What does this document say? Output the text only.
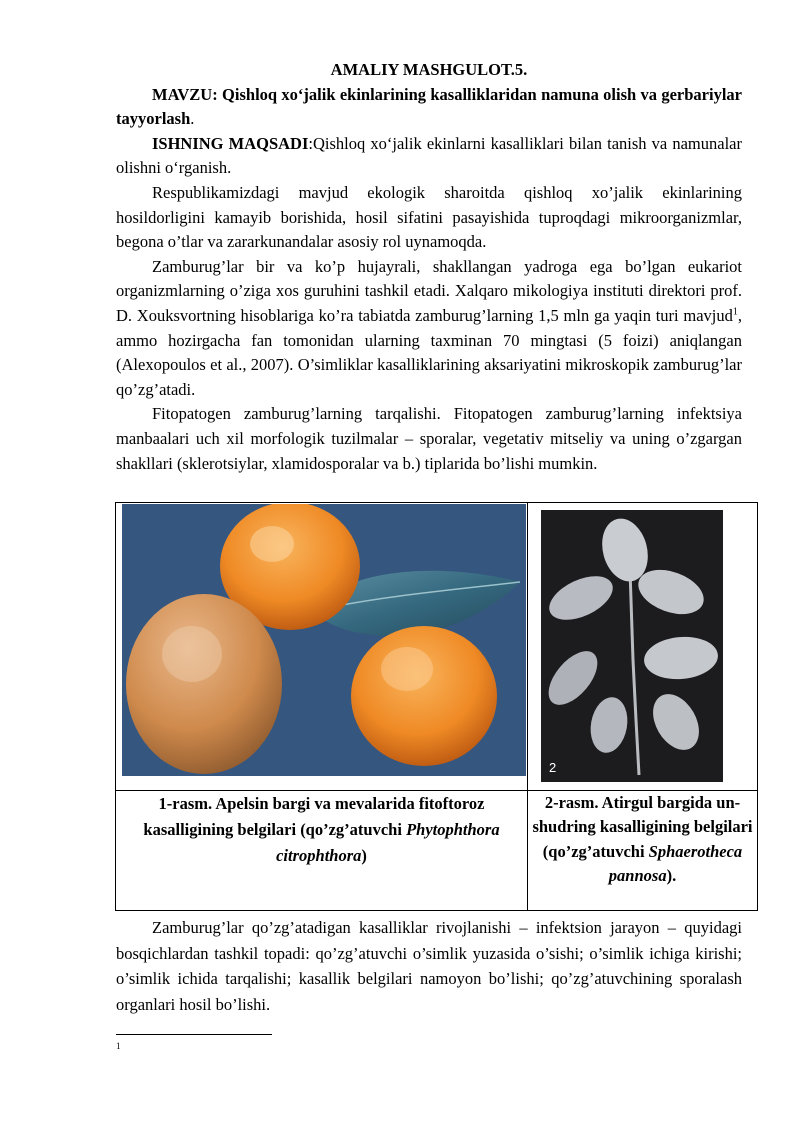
AMALIY MASHGULOT.5.

MAVZU: Qishloq xo‘jalik ekinlarining kasalliklaridan namuna olish va gerbariylar tayyorlash.

ISHNING MAQSADI:Qishloq xo‘jalik ekinlarni kasalliklari bilan tanish va namunalar olishni o‘rganish.

Respublikamizdagi mavjud ekologik sharoitda qishloq xo’jalik ekinlarining hosildorligini kamayib borishida, hosil sifatini pasayishida tuproqdagi mikroorganizmlar, begona o’tlar va zararkunandalar asosiy rol uynamoqda.

Zamburug’lar bir va ko’p hujayrali, shakllangan yadroga ega bo’lgan eukariot organizmlarning o’ziga xos guruhini tashkil etadi. Xalqaro mikologiya instituti direktori prof. D. Xouksvortning hisoblariga ko’ra tabiatda zamburug’larning 1,5 mln ga yaqin turi mavjud$^1$, ammo hozirgacha fan tomonidan ularning taxminan 70 mingtasi (5 foizi) aniqlangan (Alexopoulos et al., 2007). O’simliklar kasalliklarining aksariyatini mikroskopik zamburug’lar qo’zg’atadi.

Fitopatogen zamburug’larning tarqalishi. Fitopatogen zamburug’larning infektsiya manbaalari uch xil morfologik tuzilmalar – sporalar, vegetativ mitseliy va uning o’zgargan shakllari (sklerotsiylar, xlamidosporalar va b.) tiplarida bo’lishi mumkin.

2
1-rasm. Apelsin bargi va mevalarida fitoftoroz kasalligining belgilari (qo’zg’atuvchi Phytophthora citrophthora)
2-rasm. Atirgul bargida un-shudring kasalligining belgilari (qo’zg’atuvchi Sphaerotheca pannosa).

Zamburug’lar qo’zg’atadigan kasalliklar rivojlanishi – infektsion jarayon – quyidagi bosqichlardan tashkil topadi: qo’zg’atuvchi o’simlik yuzasida o’sishi; o’simlik ichiga kirishi; o’simlik ichida tarqalishi; kasallik belgilari namoyon bo’lishi; qo’zg’atuvchining sporalash organlari hosil bo’lishi.

1
